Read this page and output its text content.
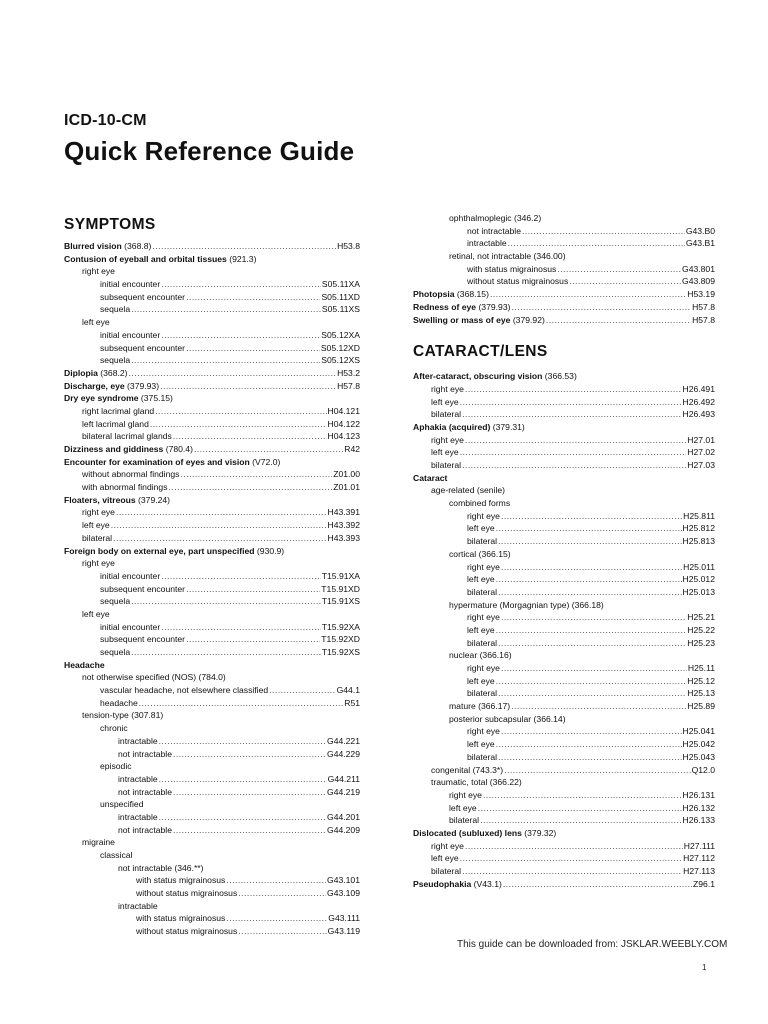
ICD-10-CM
Quick Reference Guide
SYMPTOMS
Blurred vision (368.8) .....	H53.8
Contusion of eyeball and orbital tissues (921.3)
right eye
initial encounter .....	S05.11XA
subsequent encounter .....	S05.11XD
sequela .....	S05.11XS
left eye
initial encounter .....	S05.12XA
subsequent encounter .....	S05.12XD
sequela .....	S05.12XS
Diplopia (368.2) .....	H53.2
Discharge, eye (379.93) .....	H57.8
Dry eye syndrome (375.15)
right lacrimal gland .....	H04.121
left lacrimal gland .....	H04.122
bilateral lacrimal glands .....	H04.123
Dizziness and giddiness (780.4) .....	R42
Encounter for examination of eyes and vision (V72.0)
without abnormal findings .....	Z01.00
with abnormal findings .....	Z01.01
Floaters, vitreous (379.24)
right eye .....	H43.391
left eye .....	H43.392
bilateral .....	H43.393
Foreign body on external eye, part unspecified (930.9)
right eye
initial encounter .....	T15.91XA
subsequent encounter .....	T15.91XD
sequela .....	T15.91XS
left eye
initial encounter .....	T15.92XA
subsequent encounter .....	T15.92XD
sequela .....	T15.92XS
Headache
not otherwise specified (NOS) (784.0)
vascular headache, not elsewhere classified .....	G44.1
headache .....	R51
tension-type (307.81)
chronic
intractable .....	G44.221
not intractable .....	G44.229
episodic
intractable .....	G44.211
not intractable .....	G44.219
unspecified
intractable .....	G44.201
not intractable .....	G44.209
migraine
classical
not intractable (346.**)
with status migrainosus .....	G43.101
without status migrainosus .....	G43.109
intractable
with status migrainosus .....	G43.111
without status migrainosus .....	G43.119
ophthalmoplegic (346.2)
not intractable .....	G43.B0
intractable .....	G43.B1
retinal, not intractable (346.00)
with status migrainosus .....	G43.801
without status migrainosus .....	G43.809
Photopsia (368.15) .....	H53.19
Redness of eye (379.93) .....	H57.8
Swelling or mass of eye (379.92) .....	H57.8
CATARACT/LENS
After-cataract, obscuring vision (366.53)
right eye .....	H26.491
left eye .....	H26.492
bilateral .....	H26.493
Aphakia (acquired) (379.31)
right eye .....	H27.01
left eye .....	H27.02
bilateral .....	H27.03
Cataract
age-related (senile)
combined forms
right eye .....	H25.811
left eye .....	H25.812
bilateral .....	H25.813
cortical (366.15)
right eye .....	H25.011
left eye .....	H25.012
bilateral .....	H25.013
hypermature (Morgagnian type) (366.18)
right eye .....	H25.21
left eye .....	H25.22
bilateral .....	H25.23
nuclear (366.16)
right eye .....	H25.11
left eye .....	H25.12
bilateral .....	H25.13
mature (366.17) .....	H25.89
posterior subcapsular (366.14)
right eye .....	H25.041
left eye .....	H25.042
bilateral .....	H25.043
congenital (743.3*) .....	Q12.0
traumatic, total (366.22)
right eye .....	H26.131
left eye .....	H26.132
bilateral .....	H26.133
Dislocated (subluxed) lens (379.32)
right eye .....	H27.111
left eye .....	H27.112
bilateral .....	H27.113
Pseudophakia (V43.1) .....	Z96.1
This guide can be downloaded from: JSKLAR.WEEBLY.COM
1
